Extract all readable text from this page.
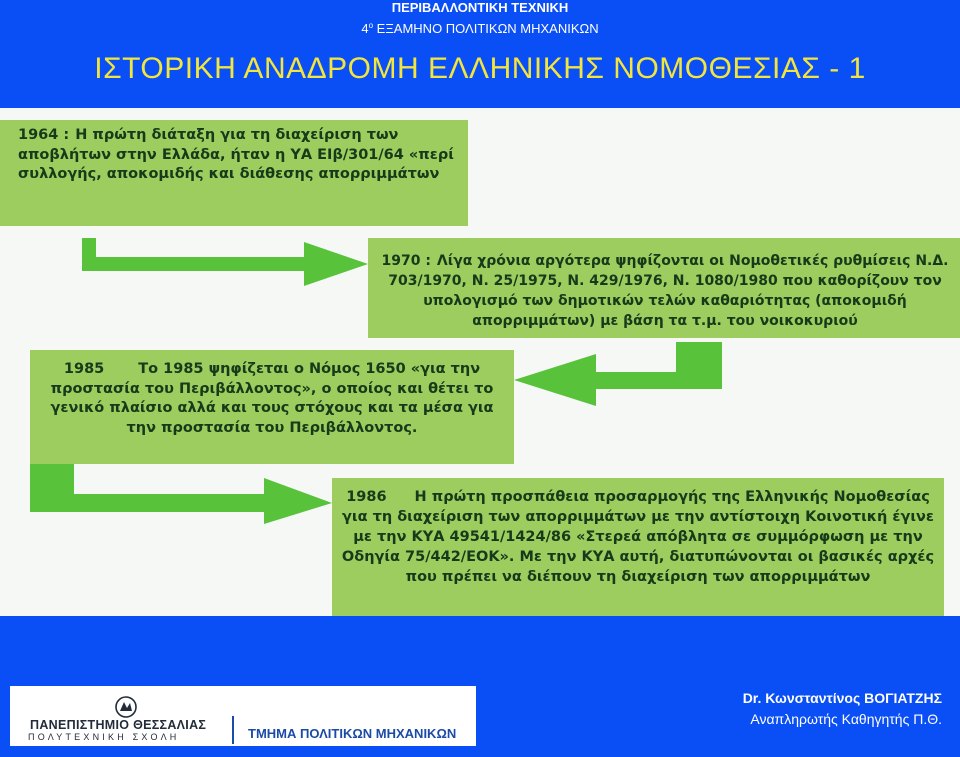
ΠΕΡΙΒΑΛΛΟΝΤΙΚΗ ΤΕΧΝΙΚΗ
$4^o$ ΕΞΑΜΗΝΟ ΠΟΛΙΤΙΚΩΝ ΜΗΧΑΝΙΚΩΝ
ΙΣΤΟΡΙΚΗ ΑΝΑΔΡΟΜΗ ΕΛΛΗΝΙΚΗΣ ΝΟΜΟΘΕΣΙΑΣ - 1
1964 : Η πρώτη διάταξη για τη διαχείριση των αποβλήτων στην Ελλάδα, ήταν η ΥΑ ΕΙβ/301/64 «περί συλλογής, αποκομιδής και διάθεσης απορριμμάτων
1970 : Λίγα χρόνια αργότερα ψηφίζονται οι Νομοθετικές ρυθμίσεις Ν.Δ. 703/1970, Ν. 25/1975, Ν. 429/1976, Ν. 1080/1980 που καθορίζουν τον υπολογισμό των δημοτικών τελών καθαριότητας (αποκομιδή απορριμμάτων) με βάση τα τ.μ. του νοικοκυριού
1985 Το 1985 ψηφίζεται ο Νόμος 1650 «για την προστασία του Περιβάλλοντος», ο οποίος και θέτει το γενικό πλαίσιο αλλά και τους στόχους και τα μέσα για την προστασία του Περιβάλλοντος.
1986 Η πρώτη προσπάθεια προσαρμογής της Ελληνικής Νομοθεσίας για τη διαχείριση των απορριμμάτων με την αντίστοιχη Κοινοτική έγινε με την ΚΥΑ 49541/1424/86 «Στερεά απόβλητα σε συμμόρφωση με την Οδηγία 75/442/ΕΟΚ». Με την ΚΥΑ αυτή, διατυπώνονται οι βασικές αρχές που πρέπει να διέπουν τη διαχείριση των απορριμμάτων
ΠΑΝΕΠΙΣΤΗΜΙΟ ΘΕΣΣΑΛΙΑΣ
ΠΟΛΥΤΕΧΝΙΚΗ ΣΧΟΛΗ	ΤΜΗΜΑ ΠΟΛΙΤΙΚΩΝ ΜΗΧΑΝΙΚΩΝ
Dr. Κωνσταντίνος ΒΟΓΙΑΤΖΗΣ
Αναπληρωτής Καθηγητής Π.Θ.
